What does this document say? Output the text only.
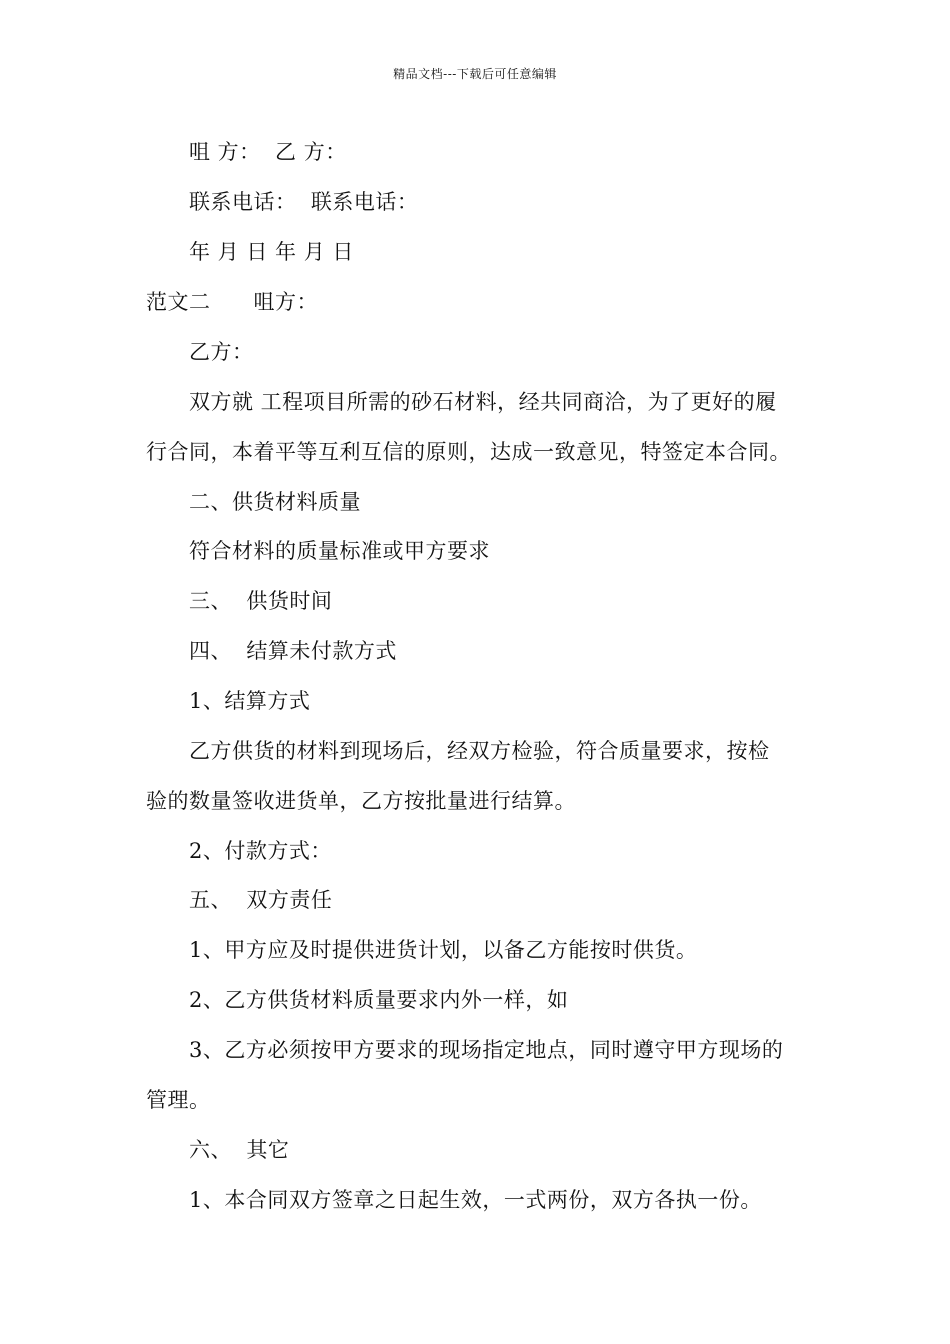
精品文档---下载后可任意编辑
咀 方：  乙 方：
联系电话：  联系电话：
年 月 日 年 月 日
范文二      咀方：
乙方：
双方就 工程项目所需的砂石材料，经共同商洽，为了更好的履
行合同，本着平等互利互信的原则，达成一致意见，特签定本合同。
二、供货材料质量
符合材料的质量标准或甲方要求
三、  供货时间
四、  结算未付款方式
1、结算方式
乙方供货的材料到现场后，经双方检验，符合质量要求，按检
验的数量签收进货单，乙方按批量进行结算。
2、付款方式：
五、  双方责任
1、甲方应及时提供进货计划，以备乙方能按时供货。
2、乙方供货材料质量要求内外一样，如
3、乙方必须按甲方要求的现场指定地点，同时遵守甲方现场的
管理。
六、  其它
1、本合同双方签章之日起生效，一式两份，双方各执一份。
